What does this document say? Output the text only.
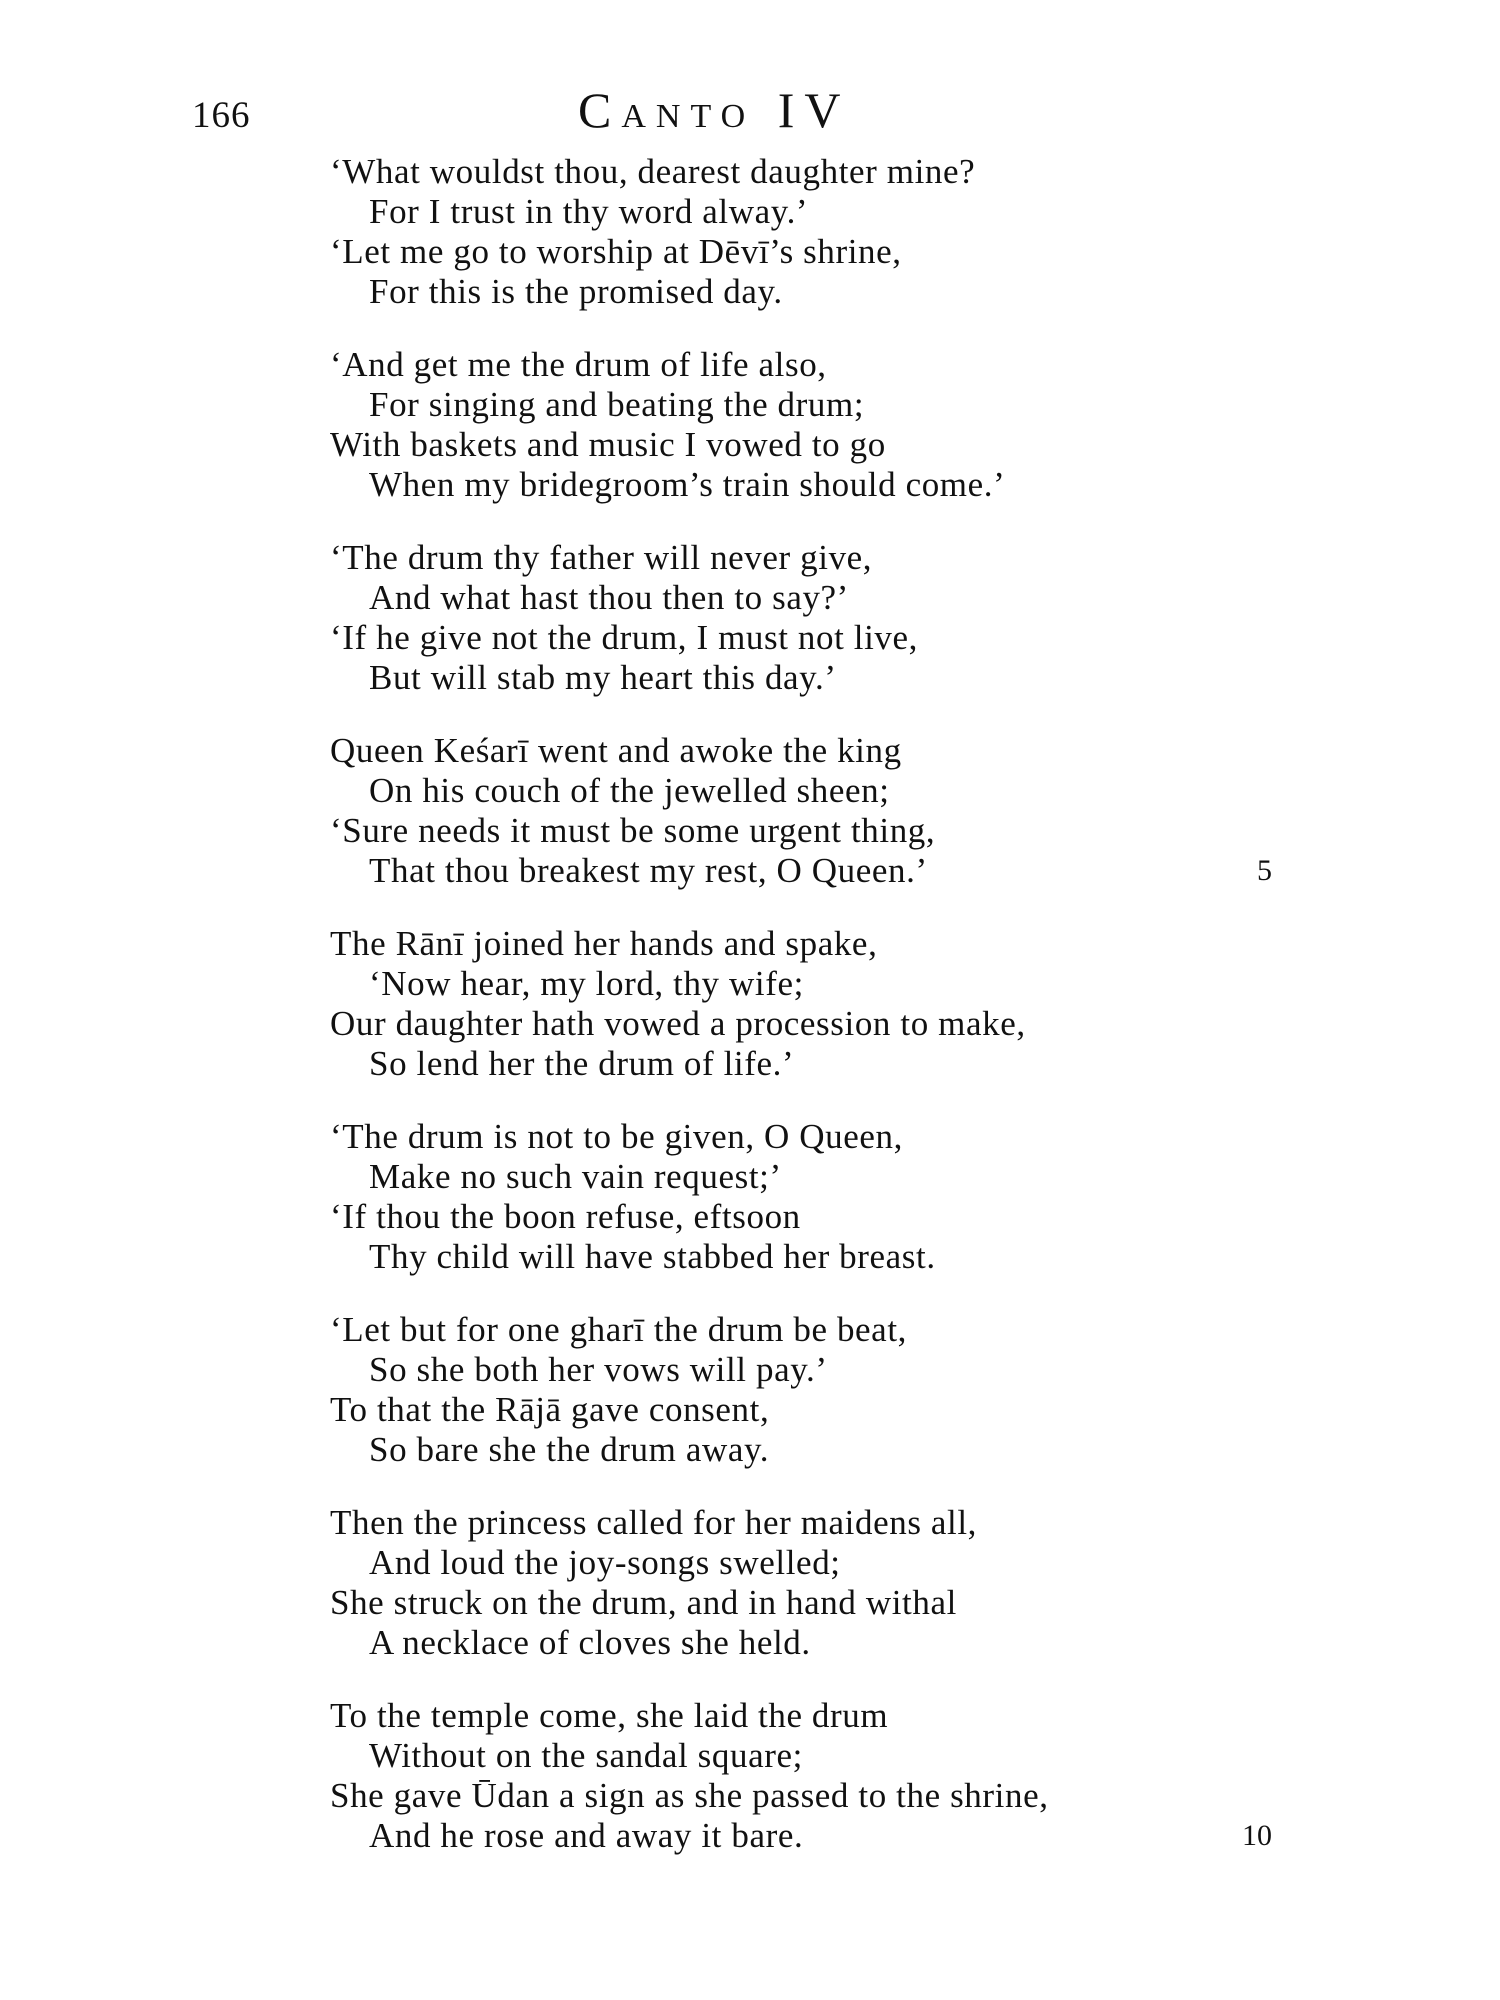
166	CANTO IV
‘What wouldst thou, dearest daughter mine?
For I trust in thy word alway.’
‘Let me go to worship at Dēvī’s shrine,
For this is the promised day.
‘And get me the drum of life also,
For singing and beating the drum;
With baskets and music I vowed to go
When my bridegroom’s train should come.’
‘The drum thy father will never give,
And what hast thou then to say?’
‘If he give not the drum, I must not live,
But will stab my heart this day.’
Queen Keśarī went and awoke the king
On his couch of the jewelled sheen;
‘Sure needs it must be some urgent thing,
That thou breakest my rest, O Queen.’	5
The Rānī joined her hands and spake,
‘Now hear, my lord, thy wife;
Our daughter hath vowed a procession to make,
So lend her the drum of life.’
‘The drum is not to be given, O Queen,
Make no such vain request;’
‘If thou the boon refuse, eftsoon
Thy child will have stabbed her breast.
‘Let but for one gharī the drum be beat,
So she both her vows will pay.’
To that the Rājā gave consent,
So bare she the drum away.
Then the princess called for her maidens all,
And loud the joy-songs swelled;
She struck on the drum, and in hand withal
A necklace of cloves she held.
To the temple come, she laid the drum
Without on the sandal square;
She gave Ūdan a sign as she passed to the shrine,
And he rose and away it bare.	10
